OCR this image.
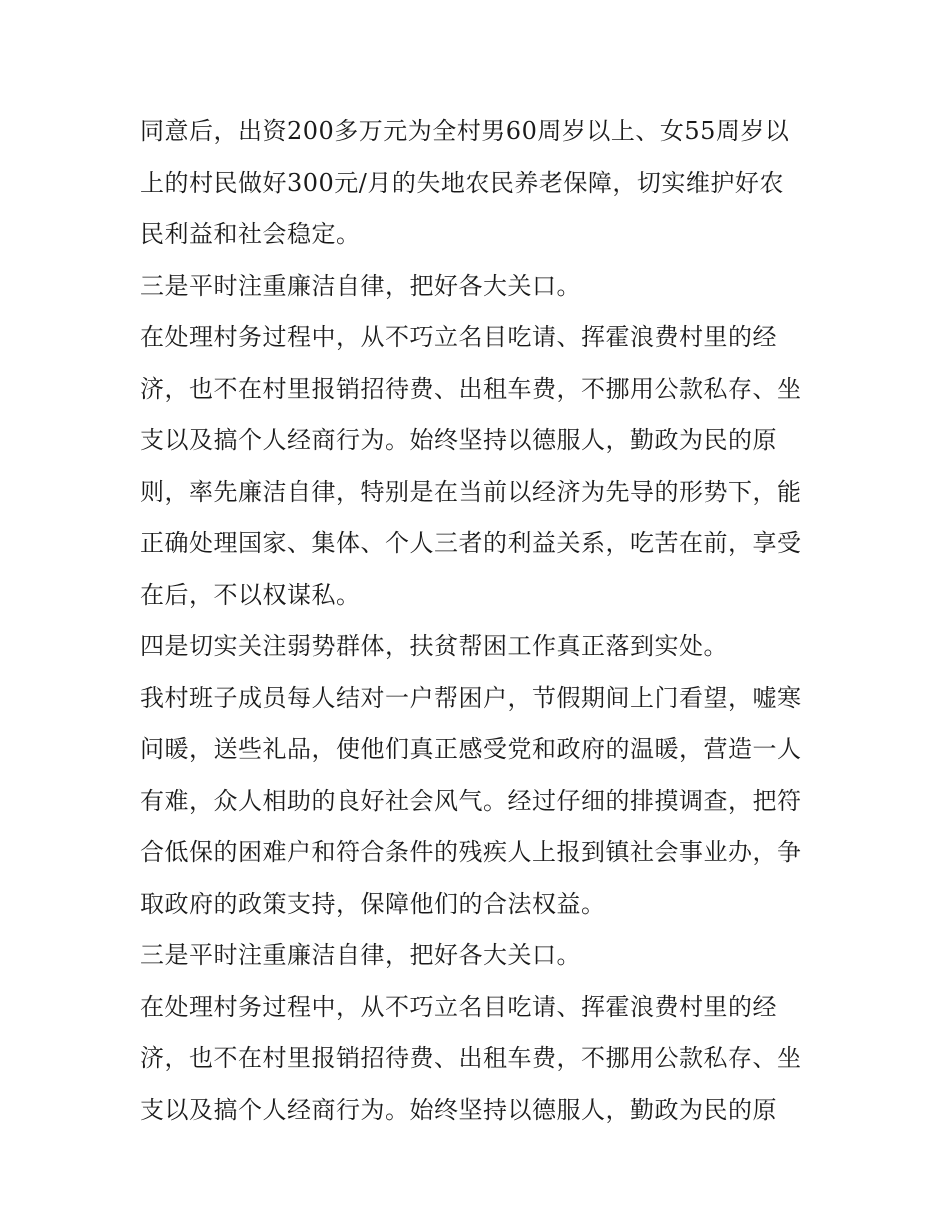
同意后，出资200多万元为全村男60周岁以上、女55周岁以
上的村民做好300元/月的失地农民养老保障，切实维护好农
民利益和社会稳定。
三是平时注重廉洁自律，把好各大关口。
在处理村务过程中，从不巧立名目吃请、挥霍浪费村里的经
济，也不在村里报销招待费、出租车费，不挪用公款私存、坐
支以及搞个人经商行为。始终坚持以德服人，勤政为民的原
则，率先廉洁自律，特别是在当前以经济为先导的形势下，能
正确处理国家、集体、个人三者的利益关系，吃苦在前，享受
在后，不以权谋私。
四是切实关注弱势群体，扶贫帮困工作真正落到实处。
我村班子成员每人结对一户帮困户，节假期间上门看望，嘘寒
问暖，送些礼品，使他们真正感受党和政府的温暖，营造一人
有难，众人相助的良好社会风气。经过仔细的排摸调查，把符
合低保的困难户和符合条件的残疾人上报到镇社会事业办，争
取政府的政策支持，保障他们的合法权益。
三是平时注重廉洁自律，把好各大关口。
在处理村务过程中，从不巧立名目吃请、挥霍浪费村里的经
济，也不在村里报销招待费、出租车费，不挪用公款私存、坐
支以及搞个人经商行为。始终坚持以德服人，勤政为民的原
